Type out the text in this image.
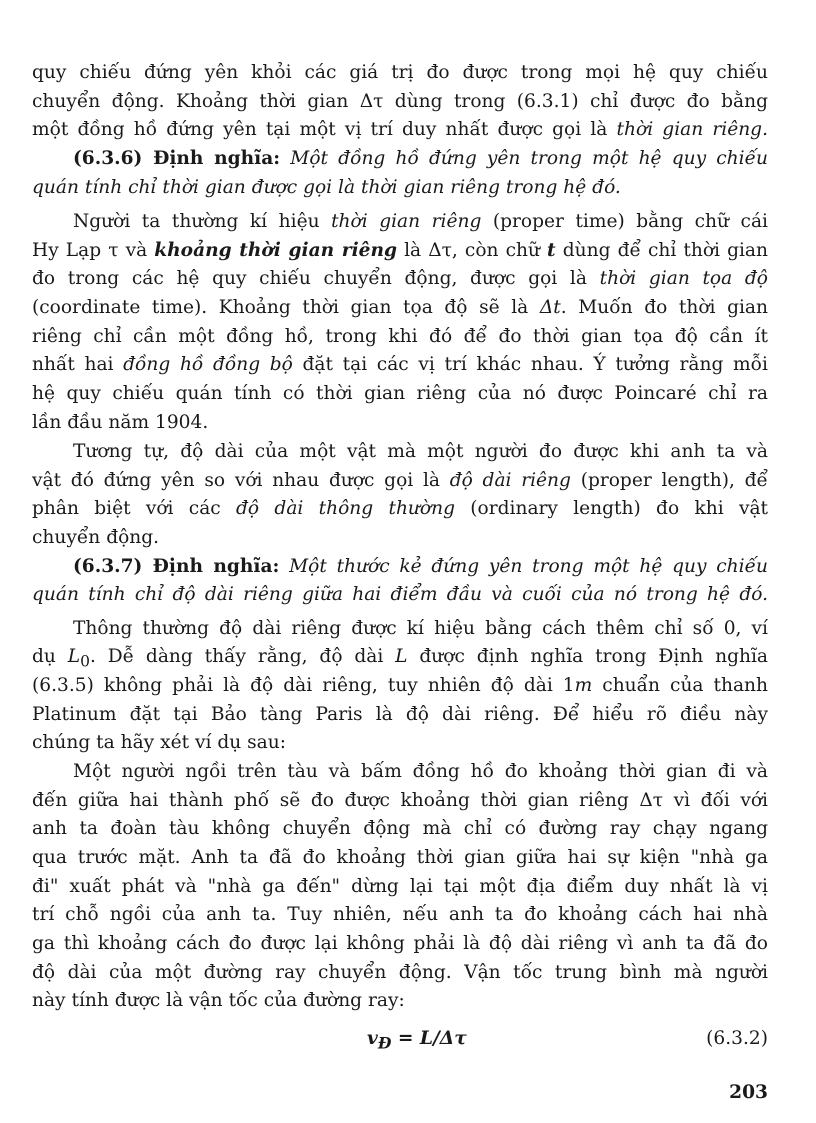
quy chiếu đứng yên khỏi các giá trị đo được trong mọi hệ quy chiếu
chuyển động. Khoảng thời gian Δτ dùng trong (6.3.1) chỉ được đo bằng
một đồng hồ đứng yên tại một vị trí duy nhất được gọi là thời gian riêng.
(6.3.6) Định nghĩa: Một đồng hồ đứng yên trong một hệ quy chiếu
quán tính chỉ thời gian được gọi là thời gian riêng trong hệ đó.
Người ta thường kí hiệu thời gian riêng (proper time) bằng chữ cái
Hy Lạp τ và khoảng thời gian riêng là Δτ, còn chữ t dùng để chỉ thời gian
đo trong các hệ quy chiếu chuyển động, được gọi là thời gian tọa độ
(coordinate time). Khoảng thời gian tọa độ sẽ là Δt. Muốn đo thời gian
riêng chỉ cần một đồng hồ, trong khi đó để đo thời gian tọa độ cần ít
nhất hai đồng hồ đồng bộ đặt tại các vị trí khác nhau. Ý tưởng rằng mỗi
hệ quy chiếu quán tính có thời gian riêng của nó được Poincaré chỉ ra
lần đầu năm 1904.
Tương tự, độ dài của một vật mà một người đo được khi anh ta và
vật đó đứng yên so với nhau được gọi là độ dài riêng (proper length), để
phân biệt với các độ dài thông thường (ordinary length) đo khi vật
chuyển động.
(6.3.7) Định nghĩa: Một thước kẻ đứng yên trong một hệ quy chiếu
quán tính chỉ độ dài riêng giữa hai điểm đầu và cuối của nó trong hệ đó.
Thông thường độ dài riêng được kí hiệu bằng cách thêm chỉ số 0, ví
dụ $L_0$. Dễ dàng thấy rằng, độ dài L được định nghĩa trong Định nghĩa
(6.3.5) không phải là độ dài riêng, tuy nhiên độ dài 1m chuẩn của thanh
Platinum đặt tại Bảo tàng Paris là độ dài riêng. Để hiểu rõ điều này
chúng ta hãy xét ví dụ sau:
Một người ngồi trên tàu và bấm đồng hồ đo khoảng thời gian đi và
đến giữa hai thành phố sẽ đo được khoảng thời gian riêng Δτ vì đối với
anh ta đoàn tàu không chuyển động mà chỉ có đường ray chạy ngang
qua trước mặt. Anh ta đã đo khoảng thời gian giữa hai sự kiện "nhà ga
đi" xuất phát và "nhà ga đến" dừng lại tại một địa điểm duy nhất là vị
trí chỗ ngồi của anh ta. Tuy nhiên, nếu anh ta đo khoảng cách hai nhà
ga thì khoảng cách đo được lại không phải là độ dài riêng vì anh ta đã đo
độ dài của một đường ray chuyển động. Vận tốc trung bình mà người
này tính được là vận tốc của đường ray:
$v_Đ = L/\Delta\tau$	(6.3.2)
203
